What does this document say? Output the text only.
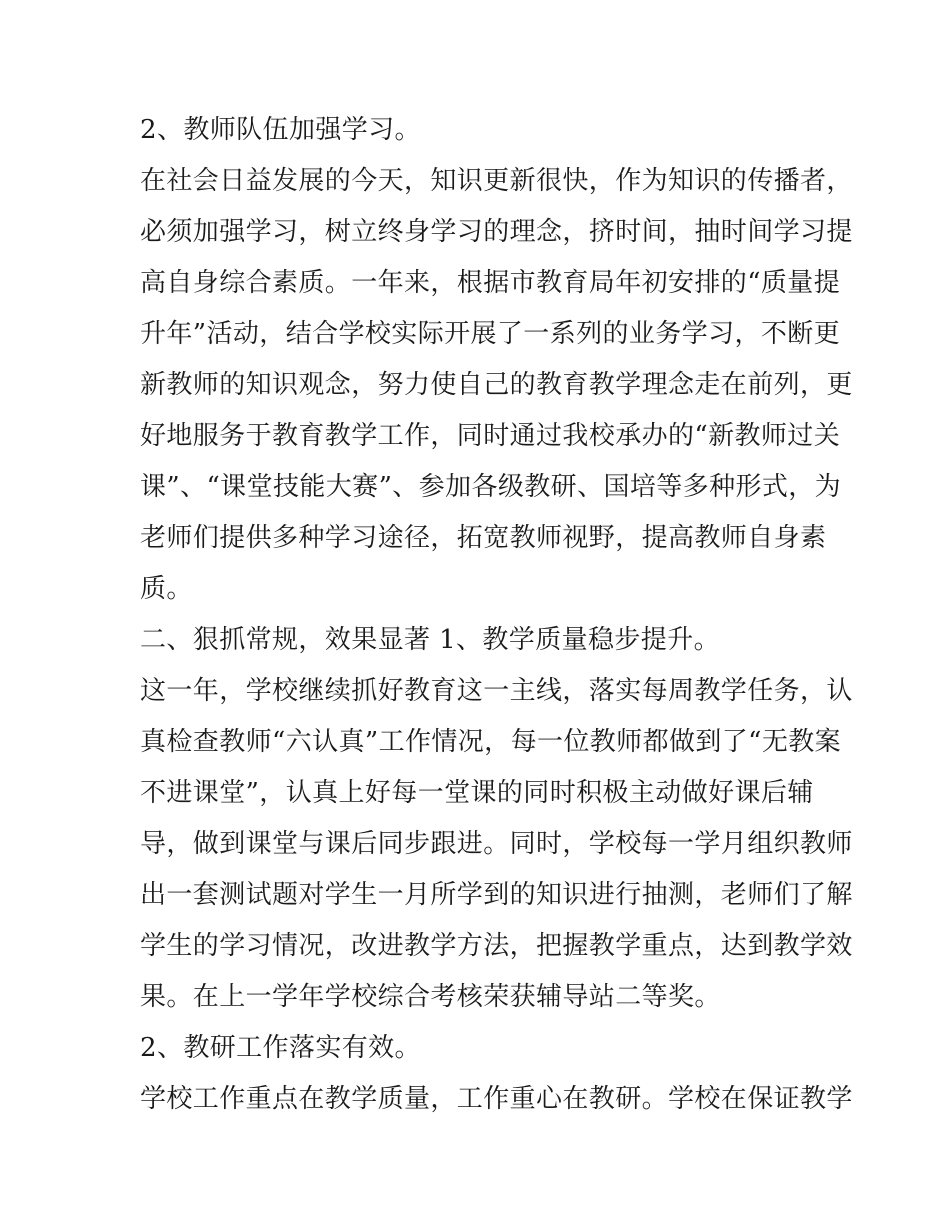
2、教师队伍加强学习。
在社会日益发展的今天，知识更新很快，作为知识的传播者，
必须加强学习，树立终身学习的理念，挤时间，抽时间学习提
高自身综合素质。一年来，根据市教育局年初安排的“质量提
升年”活动，结合学校实际开展了一系列的业务学习，不断更
新教师的知识观念，努力使自己的教育教学理念走在前列，更
好地服务于教育教学工作，同时通过我校承办的“新教师过关
课”、“课堂技能大赛”、参加各级教研、国培等多种形式，为
老师们提供多种学习途径，拓宽教师视野，提高教师自身素
质。
二、狠抓常规，效果显著 1、教学质量稳步提升。
这一年，学校继续抓好教育这一主线，落实每周教学任务，认
真检查教师“六认真”工作情况，每一位教师都做到了“无教案
不进课堂”，认真上好每一堂课的同时积极主动做好课后辅
导，做到课堂与课后同步跟进。同时，学校每一学月组织教师
出一套测试题对学生一月所学到的知识进行抽测，老师们了解
学生的学习情况，改进教学方法，把握教学重点，达到教学效
果。在上一学年学校综合考核荣获辅导站二等奖。
2、教研工作落实有效。
学校工作重点在教学质量，工作重心在教研。学校在保证教学
